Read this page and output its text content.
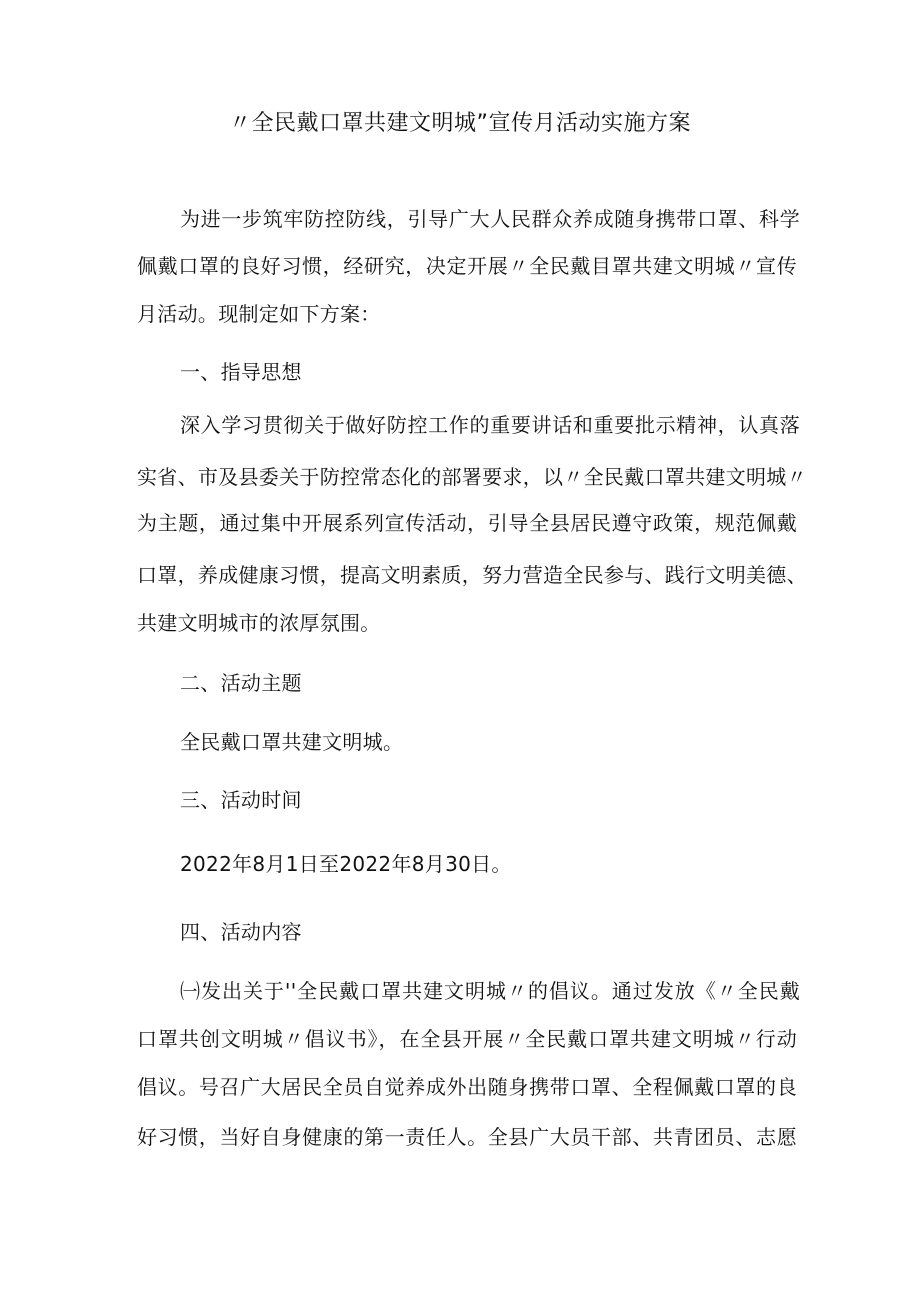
〃全民戴口罩共建文明城”宣传月活动实施方案
为进一步筑牢防控防线，引导广大人民群众养成随身携带口罩、科学
佩戴口罩的良好习惯，经研究，决定开展〃全民戴目罩共建文明城〃宣传
月活动。现制定如下方案：
一、指导思想
深入学习贯彻关于做好防控工作的重要讲话和重要批示精神，认真落
实省、市及县委关于防控常态化的部署要求，以〃全民戴口罩共建文明城〃
为主题，通过集中开展系列宣传活动，引导全县居民遵守政策，规范佩戴
口罩，养成健康习惯，提高文明素质，努力营造全民参与、践行文明美德、
共建文明城市的浓厚氛围。
二、活动主题
全民戴口罩共建文明城。
三、活动时间
2022年8月1日至2022年8月30日。
四、活动内容
㈠发出关于''全民戴口罩共建文明城〃的倡议。通过发放《〃全民戴
口罩共创文明城〃倡议书》，在全县开展〃全民戴口罩共建文明城〃行动
倡议。号召广大居民全员自觉养成外出随身携带口罩、全程佩戴口罩的良
好习惯，当好自身健康的第一责任人。全县广大员干部、共青团员、志愿
